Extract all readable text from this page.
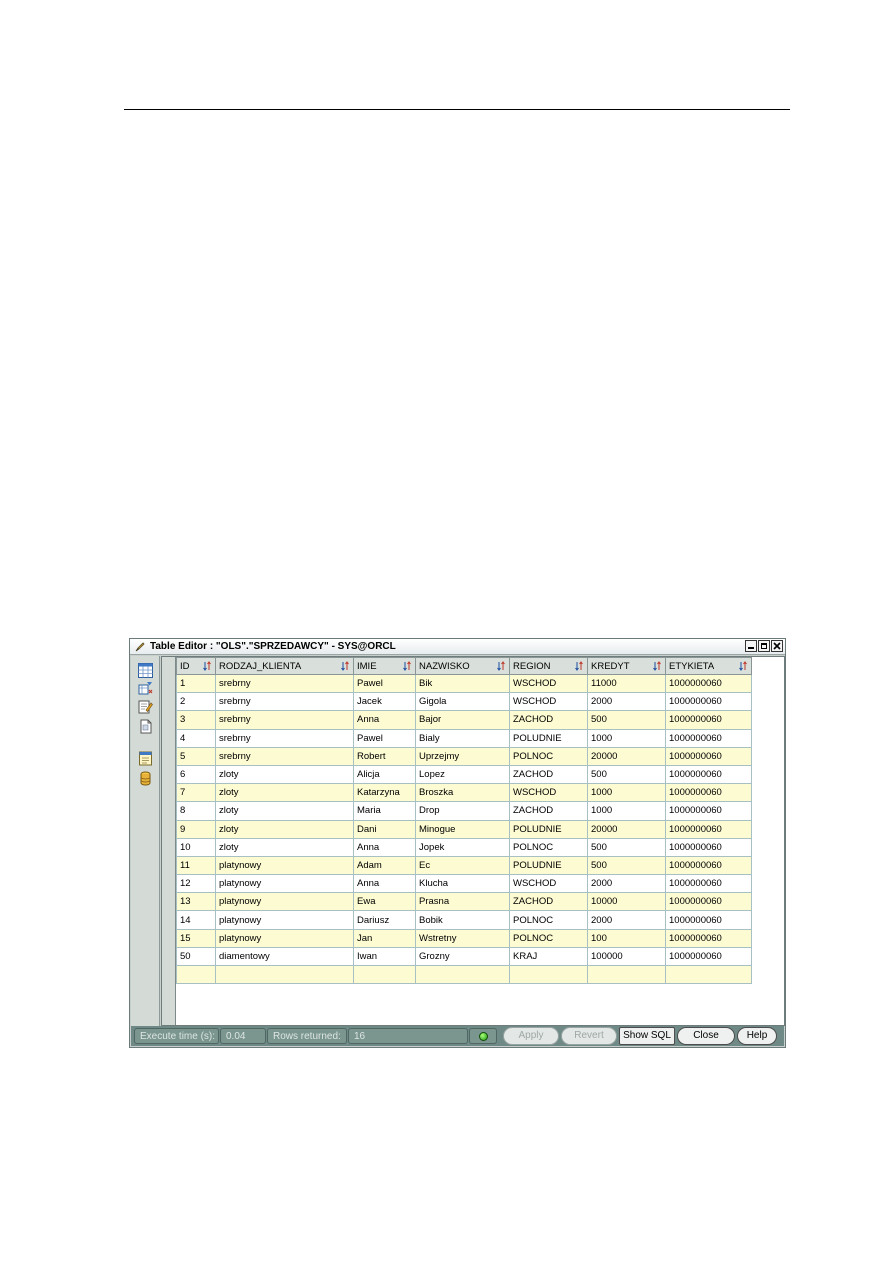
Table Editor : "OLS"."SPRZEDAWCY" - SYS@ORCL
ID	RODZAJ_KLIENTA	IMIE	NAZWISKO	REGION	KREDYT	ETYKIETA

1	srebrny	Pawel	Bik	WSCHOD	11000	1000000060
2	srebrny	Jacek	Gigola	WSCHOD	2000	1000000060
3	srebrny	Anna	Bajor	ZACHOD	500	1000000060
4	srebrny	Pawel	Bialy	POLUDNIE	1000	1000000060
5	srebrny	Robert	Uprzejmy	POLNOC	20000	1000000060
6	zloty	Alicja	Lopez	ZACHOD	500	1000000060
7	zloty	Katarzyna	Broszka	WSCHOD	1000	1000000060
8	zloty	Maria	Drop	ZACHOD	1000	1000000060
9	zloty	Dani	Minogue	POLUDNIE	20000	1000000060
10	zloty	Anna	Jopek	POLNOC	500	1000000060
11	platynowy	Adam	Ec	POLUDNIE	500	1000000060
12	platynowy	Anna	Klucha	WSCHOD	2000	1000000060
13	platynowy	Ewa	Prasna	ZACHOD	10000	1000000060
14	platynowy	Dariusz	Bobik	POLNOC	2000	1000000060
15	platynowy	Jan	Wstretny	POLNOC	100	1000000060
50	diamentowy	Iwan	Grozny	KRAJ	100000	1000000060

Execute time (s):	0.04	Rows returned:	16	Apply	Revert	Show SQL	Close	Help
